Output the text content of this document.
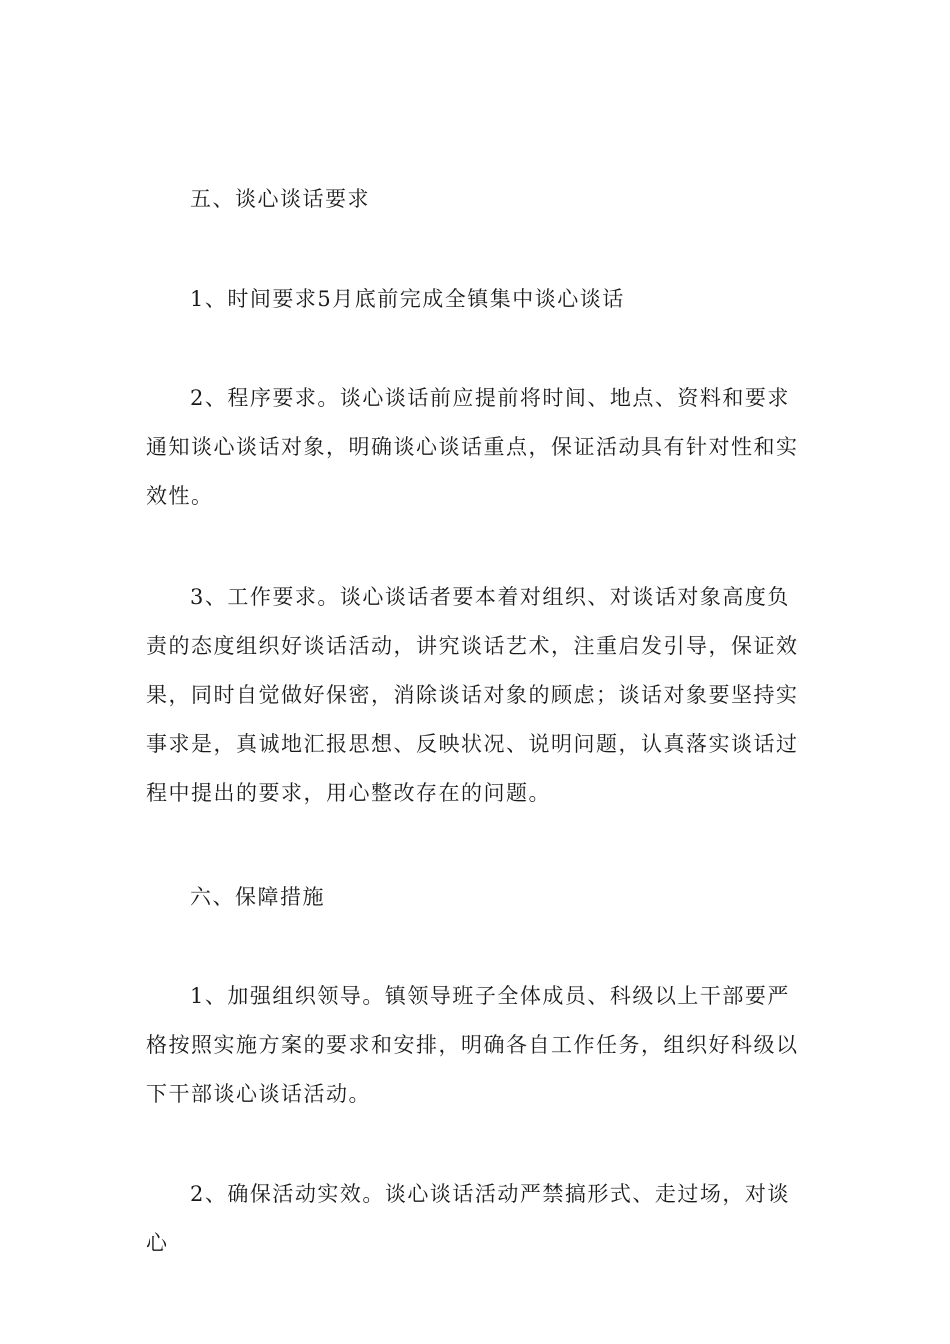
五、谈心谈话要求

1、时间要求5月底前完成全镇集中谈心谈话

2、程序要求。谈心谈话前应提前将时间、地点、资料和要求通知谈心谈话对象，明确谈心谈话重点，保证活动具有针对性和实效性。

3、工作要求。谈心谈话者要本着对组织、对谈话对象高度负责的态度组织好谈话活动，讲究谈话艺术，注重启发引导，保证效果，同时自觉做好保密，消除谈话对象的顾虑；谈话对象要坚持实事求是，真诚地汇报思想、反映状况、说明问题，认真落实谈话过程中提出的要求，用心整改存在的问题。

六、保障措施

1、加强组织领导。镇领导班子全体成员、科级以上干部要严格按照实施方案的要求和安排，明确各自工作任务，组织好科级以下干部谈心谈话活动。

2、确保活动实效。谈心谈话活动严禁搞形式、走过场，对谈心
